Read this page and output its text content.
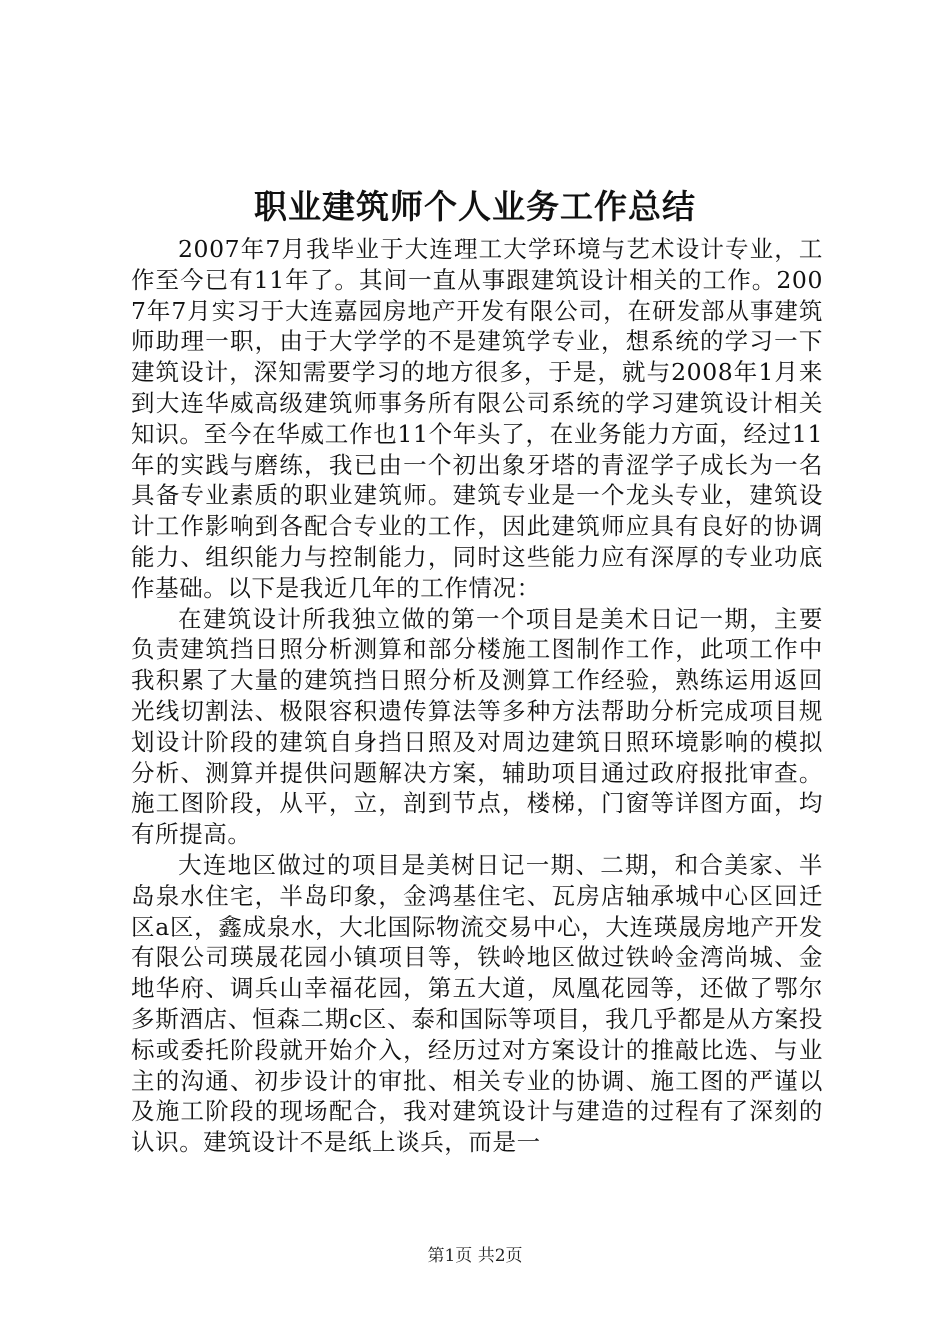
职业建筑师个人业务工作总结

2007年7月我毕业于大连理工大学环境与艺术设计专业，工作至今已有11年了。其间一直从事跟建筑设计相关的工作。2007年7月实习于大连嘉园房地产开发有限公司，在研发部从事建筑师助理一职，由于大学学的不是建筑学专业，想系统的学习一下建筑设计，深知需要学习的地方很多，于是，就与2008年1月来到大连华威高级建筑师事务所有限公司系统的学习建筑设计相关知识。至今在华威工作也11个年头了，在业务能力方面，经过11年的实践与磨练，我已由一个初出象牙塔的青涩学子成长为一名具备专业素质的职业建筑师。建筑专业是一个龙头专业，建筑设计工作影响到各配合专业的工作，因此建筑师应具有良好的协调能力、组织能力与控制能力，同时这些能力应有深厚的专业功底作基础。以下是我近几年的工作情况：

在建筑设计所我独立做的第一个项目是美术日记一期，主要负责建筑挡日照分析测算和部分楼施工图制作工作，此项工作中我积累了大量的建筑挡日照分析及测算工作经验，熟练运用返回光线切割法、极限容积遗传算法等多种方法帮助分析完成项目规划设计阶段的建筑自身挡日照及对周边建筑日照环境影响的模拟分析、测算并提供问题解决方案，辅助项目通过政府报批审查。施工图阶段，从平，立，剖到节点，楼梯，门窗等详图方面，均有所提高。

大连地区做过的项目是美树日记一期、二期，和合美家、半岛泉水住宅，半岛印象，金鸿基住宅、瓦房店轴承城中心区回迁区a区，鑫成泉水，大北国际物流交易中心，大连瑛晟房地产开发有限公司瑛晟花园小镇项目等，铁岭地区做过铁岭金湾尚城、金地华府、调兵山幸福花园，第五大道，凤凰花园等，还做了鄂尔多斯酒店、恒森二期c区、泰和国际等项目，我几乎都是从方案投标或委托阶段就开始介入，经历过对方案设计的推敲比选、与业主的沟通、初步设计的审批、相关专业的协调、施工图的严谨以及施工阶段的现场配合，我对建筑设计与建造的过程有了深刻的认识。建筑设计不是纸上谈兵，而是一

第1页 共2页
